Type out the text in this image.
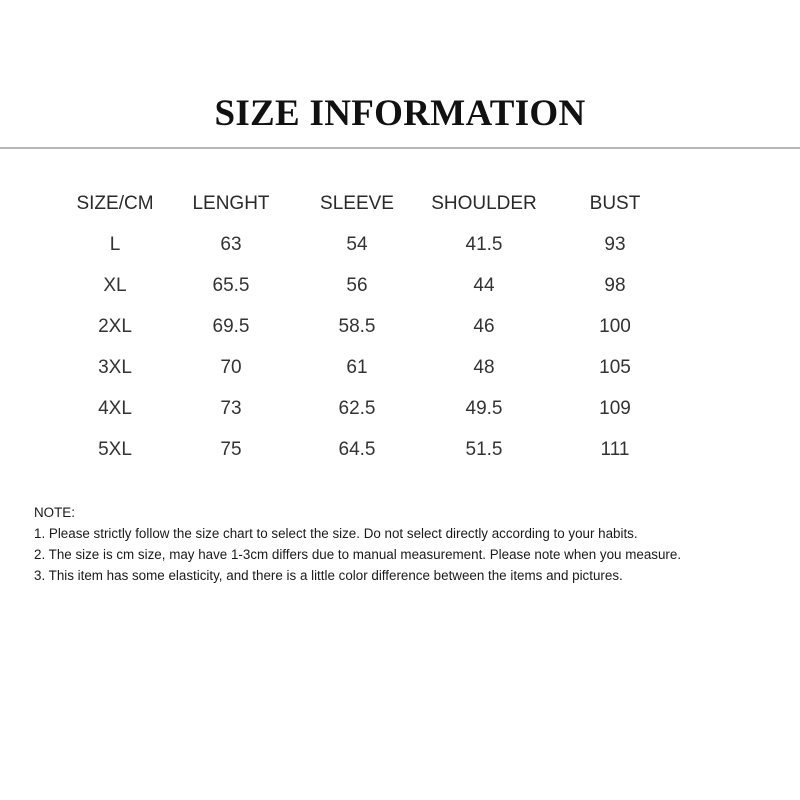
SIZE INFORMATION
SIZE/CM	LENGHT	SLEEVE	SHOULDER	BUST
L	63	54	41.5	93
XL	65.5	56	44	98
2XL	69.5	58.5	46	100
3XL	70	61	48	105
4XL	73	62.5	49.5	109
5XL	75	64.5	51.5	111
NOTE:
1. Please strictly follow the size chart to select the size. Do not select directly according to your habits.
2. The size is cm size, may have 1-3cm differs due to manual measurement. Please note when you measure.
3. This item has some elasticity, and there is a little color difference between the items and pictures.
